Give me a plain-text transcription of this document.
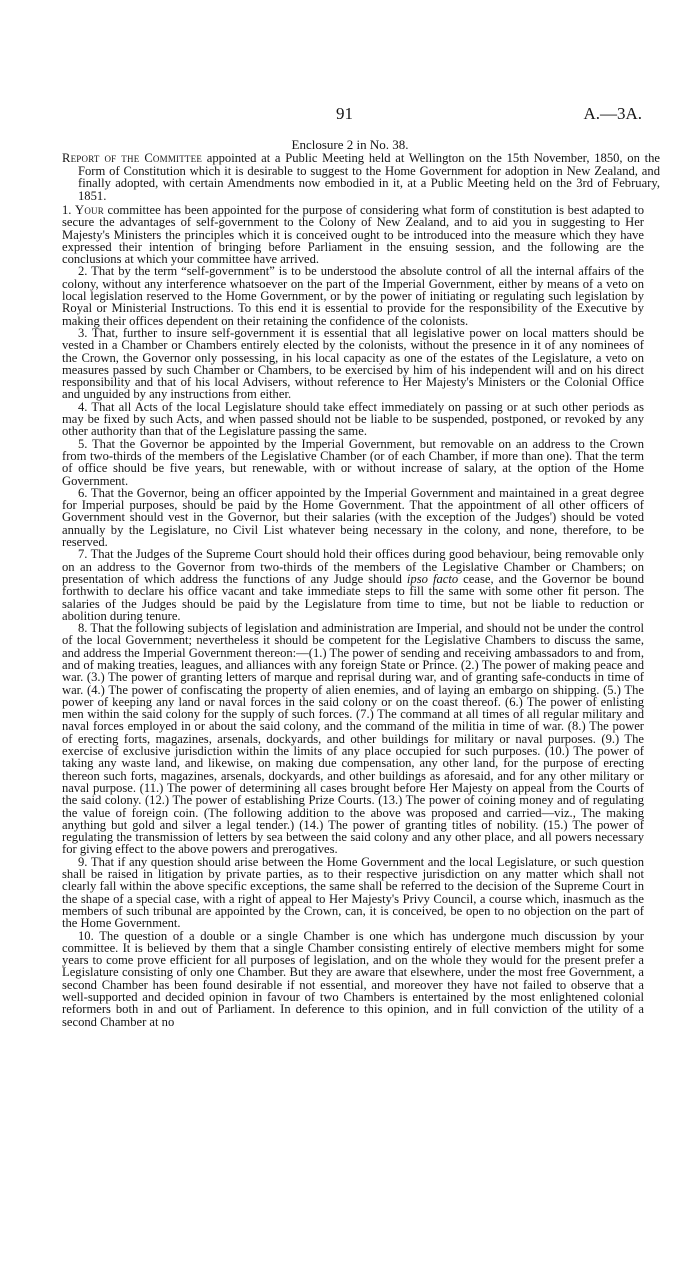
91	A.—3A.
Enclosure 2 in No. 38.
Report of the Committee appointed at a Public Meeting held at Wellington on the 15th November, 1850, on the Form of Constitution which it is desirable to suggest to the Home Government for adoption in New Zealand, and finally adopted, with certain Amendments now embodied in it, at a Public Meeting held on the 3rd of February, 1851.

1. Your committee has been appointed for the purpose of considering what form of constitution is best adapted to secure the advantages of self-government to the Colony of New Zealand, and to aid you in suggesting to Her Majesty's Ministers the principles which it is conceived ought to be introduced into the measure which they have expressed their intention of bringing before Parliament in the ensuing session, and the following are the conclusions at which your committee have arrived.

2. That by the term “self-government” is to be understood the absolute control of all the internal affairs of the colony, without any interference whatsoever on the part of the Imperial Government, either by means of a veto on local legislation reserved to the Home Government, or by the power of initiating or regulating such legislation by Royal or Ministerial Instructions. To this end it is essential to provide for the responsibility of the Executive by making their offices dependent on their retaining the confidence of the colonists.

3. That, further to insure self-government it is essential that all legislative power on local matters should be vested in a Chamber or Chambers entirely elected by the colonists, without the presence in it of any nominees of the Crown, the Governor only possessing, in his local capacity as one of the estates of the Legislature, a veto on measures passed by such Chamber or Chambers, to be exercised by him of his independent will and on his direct responsibility and that of his local Advisers, without reference to Her Majesty's Ministers or the Colonial Office and unguided by any instructions from either.

4. That all Acts of the local Legislature should take effect immediately on passing or at such other periods as may be fixed by such Acts, and when passed should not be liable to be suspended, postponed, or revoked by any other authority than that of the Legislature passing the same.

5. That the Governor be appointed by the Imperial Government, but removable on an address to the Crown from two-thirds of the members of the Legislative Chamber (or of each Chamber, if more than one). That the term of office should be five years, but renewable, with or without increase of salary, at the option of the Home Government.

6. That the Governor, being an officer appointed by the Imperial Government and maintained in a great degree for Imperial purposes, should be paid by the Home Government. That the appointment of all other officers of Government should vest in the Governor, but their salaries (with the exception of the Judges') should be voted annually by the Legislature, no Civil List whatever being necessary in the colony, and none, therefore, to be reserved.

7. That the Judges of the Supreme Court should hold their offices during good behaviour, being removable only on an address to the Governor from two-thirds of the members of the Legislative Chamber or Chambers; on presentation of which address the functions of any Judge should ipso facto cease, and the Governor be bound forthwith to declare his office vacant and take immediate steps to fill the same with some other fit person. The salaries of the Judges should be paid by the Legislature from time to time, but not be liable to reduction or abolition during tenure.

8. That the following subjects of legislation and administration are Imperial, and should not be under the control of the local Government; nevertheless it should be competent for the Legislative Chambers to discuss the same, and address the Imperial Government thereon:—(1.) The power of sending and receiving ambassadors to and from, and of making treaties, leagues, and alliances with any foreign State or Prince. (2.) The power of making peace and war. (3.) The power of granting letters of marque and reprisal during war, and of granting safe-conducts in time of war. (4.) The power of confiscating the property of alien enemies, and of laying an embargo on shipping. (5.) The power of keeping any land or naval forces in the said colony or on the coast thereof. (6.) The power of enlisting men within the said colony for the supply of such forces. (7.) The command at all times of all regular military and naval forces employed in or about the said colony, and the command of the militia in time of war. (8.) The power of erecting forts, magazines, arsenals, dockyards, and other buildings for military or naval purposes. (9.) The exercise of exclusive jurisdiction within the limits of any place occupied for such purposes. (10.) The power of taking any waste land, and likewise, on making due compensation, any other land, for the purpose of erecting thereon such forts, magazines, arsenals, dockyards, and other buildings as aforesaid, and for any other military or naval purpose. (11.) The power of determining all cases brought before Her Majesty on appeal from the Courts of the said colony. (12.) The power of establishing Prize Courts. (13.) The power of coining money and of regulating the value of foreign coin. (The following addition to the above was proposed and carried—viz., The making anything but gold and silver a legal tender.) (14.) The power of granting titles of nobility. (15.) The power of regulating the transmission of letters by sea between the said colony and any other place, and all powers necessary for giving effect to the above powers and prerogatives.

9. That if any question should arise between the Home Government and the local Legislature, or such question shall be raised in litigation by private parties, as to their respective jurisdiction on any matter which shall not clearly fall within the above specific exceptions, the same shall be referred to the decision of the Supreme Court in the shape of a special case, with a right of appeal to Her Majesty's Privy Council, a course which, inasmuch as the members of such tribunal are appointed by the Crown, can, it is conceived, be open to no objection on the part of the Home Government.

10. The question of a double or a single Chamber is one which has undergone much discussion by your committee. It is believed by them that a single Chamber consisting entirely of elective members might for some years to come prove efficient for all purposes of legislation, and on the whole they would for the present prefer a Legislature consisting of only one Chamber. But they are aware that elsewhere, under the most free Government, a second Chamber has been found desirable if not essential, and moreover they have not failed to observe that a well-supported and decided opinion in favour of two Chambers is entertained by the most enlightened colonial reformers both in and out of Parliament. In deference to this opinion, and in full conviction of the utility of a second Chamber at no
